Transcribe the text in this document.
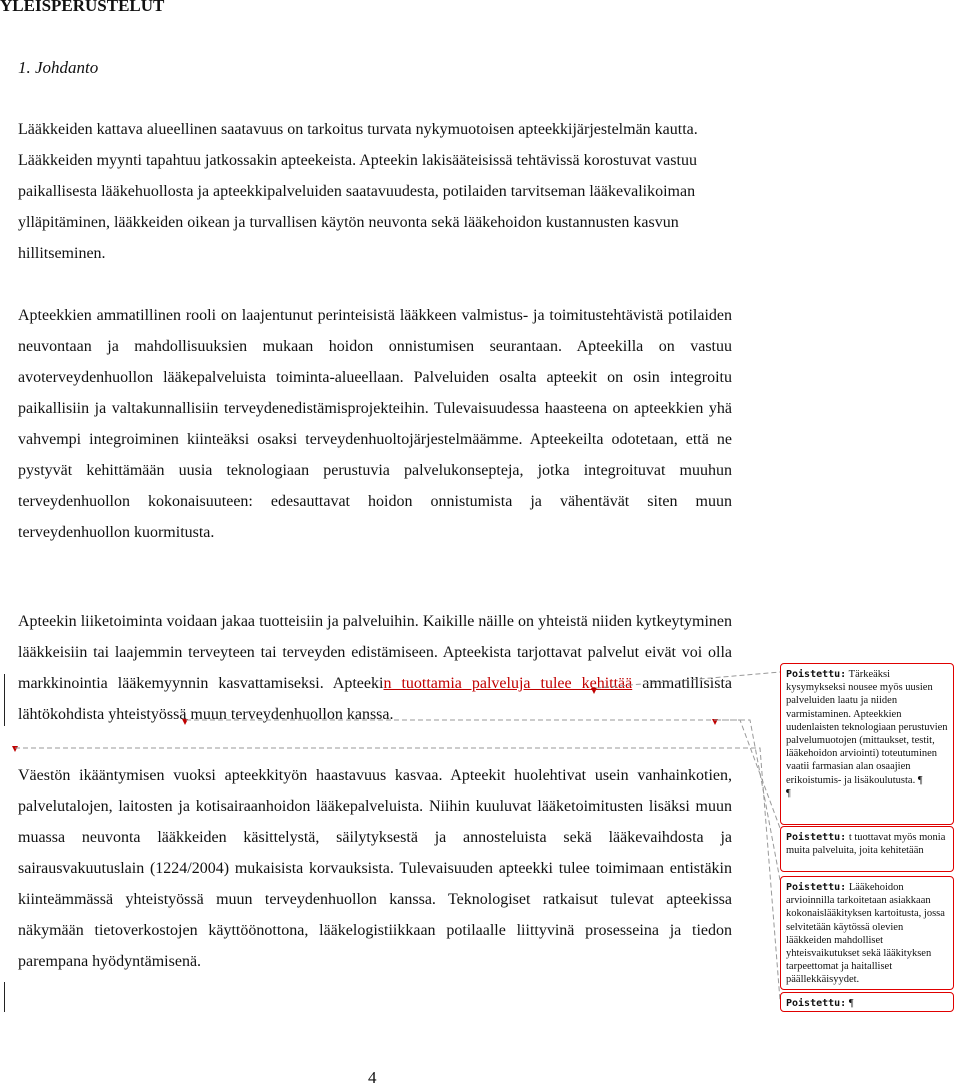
YLEISPERUSTELUT
1. Johdanto

Lääkkeiden kattava alueellinen saatavuus on tarkoitus turvata nykymuotoisen apteekkijärjestelmän kautta. Lääkkeiden myynti tapahtuu jatkossakin apteekeista. Apteekin lakisääteisissä tehtävissä korostuvat vastuu paikallisesta lääkehuollosta ja apteekkipalveluiden saatavuudesta, potilaiden tarvitseman lääkevalikoiman ylläpitäminen, lääkkeiden oikean ja turvallisen käytön neuvonta sekä lääkehoidon kustannusten kasvun hillitseminen.

Apteekkien ammatillinen rooli on laajentunut perinteisistä lääkkeen valmistus- ja toimitustehtävistä potilaiden neuvontaan ja mahdollisuuksien mukaan hoidon onnistumisen seurantaan. Apteekilla on vastuu avoterveydenhuollon lääkepalveluista toiminta-alueellaan. Palveluiden osalta apteekit on osin integroitu paikallisiin ja valtakunnallisiin terveydenedistämisprojekteihin. Tulevaisuudessa haasteena on apteekkien yhä vahvempi integroiminen kiinteäksi osaksi terveydenhuoltojärjestelmäämme. Apteekeilta odotetaan, että ne pystyvät kehittämään uusia teknologiaan perustuvia palvelukonsepteja, jotka integroituvat muuhun terveydenhuollon kokonaisuuteen: edesauttavat hoidon onnistumista ja vähentävät siten muun terveydenhuollon kuormitusta.

Apteekin liiketoiminta voidaan jakaa tuotteisiin ja palveluihin. Kaikille näille on yhteistä niiden kytkeytyminen lääkkeisiin tai laajemmin terveyteen tai terveyden edistämiseen. Apteekista tarjottavat palvelut eivät voi olla markkinointia lääkemyynnin kasvattamiseksi. Apteekin tuottamia palveluja tulee kehittää ammatillisista lähtökohdista yhteistyössä muun terveydenhuollon kanssa.

Väestön ikääntymisen vuoksi apteekkityön haastavuus kasvaa. Apteekit huolehtivat usein vanhainkotien, palvelutalojen, laitosten ja kotisairaanhoidon lääkepalveluista. Niihin kuuluvat lääketoimitusten lisäksi muun muassa neuvonta lääkkeiden käsittelystä, säilytyksestä ja annosteluista sekä lääkevaihdosta ja sairausvakuutuslain (1224/2004) mukaisista korvauksista. Tulevaisuuden apteekki tulee toimimaan entistäkin kiinteämmässä yhteistyössä muun terveydenhuollon kanssa. Teknologiset ratkaisut tulevat apteekissa näkymään tietoverkostojen käyttöönottona, lääkelogistiikkaan potilaalle liittyvinä prosesseina ja tiedon parempana hyödyntämisenä.

4
Poistettu: Tärkeäksi kysymykseksi nousee myös uusien palveluiden laatu ja niiden varmistaminen. Apteekkien uudenlaisten teknologiaan perustuvien palvelumuotojen (mittaukset, testit, lääkehoidon arviointi) toteutuminen vaatii farmasian alan osaajien erikoistumis- ja lisäkoulutusta. ¶
¶
Poistettu: t tuottavat myös monia muita palveluita, joita kehitetään
Poistettu: Lääkehoidon arvioinnilla tarkoitetaan asiakkaan kokonaislääkityksen kartoitusta, jossa selvitetään käytössä olevien lääkkeiden mahdolliset yhteisvaikutukset sekä lääkityksen tarpeettomat ja haitalliset päällekkäisyydet.
Poistettu: ¶
